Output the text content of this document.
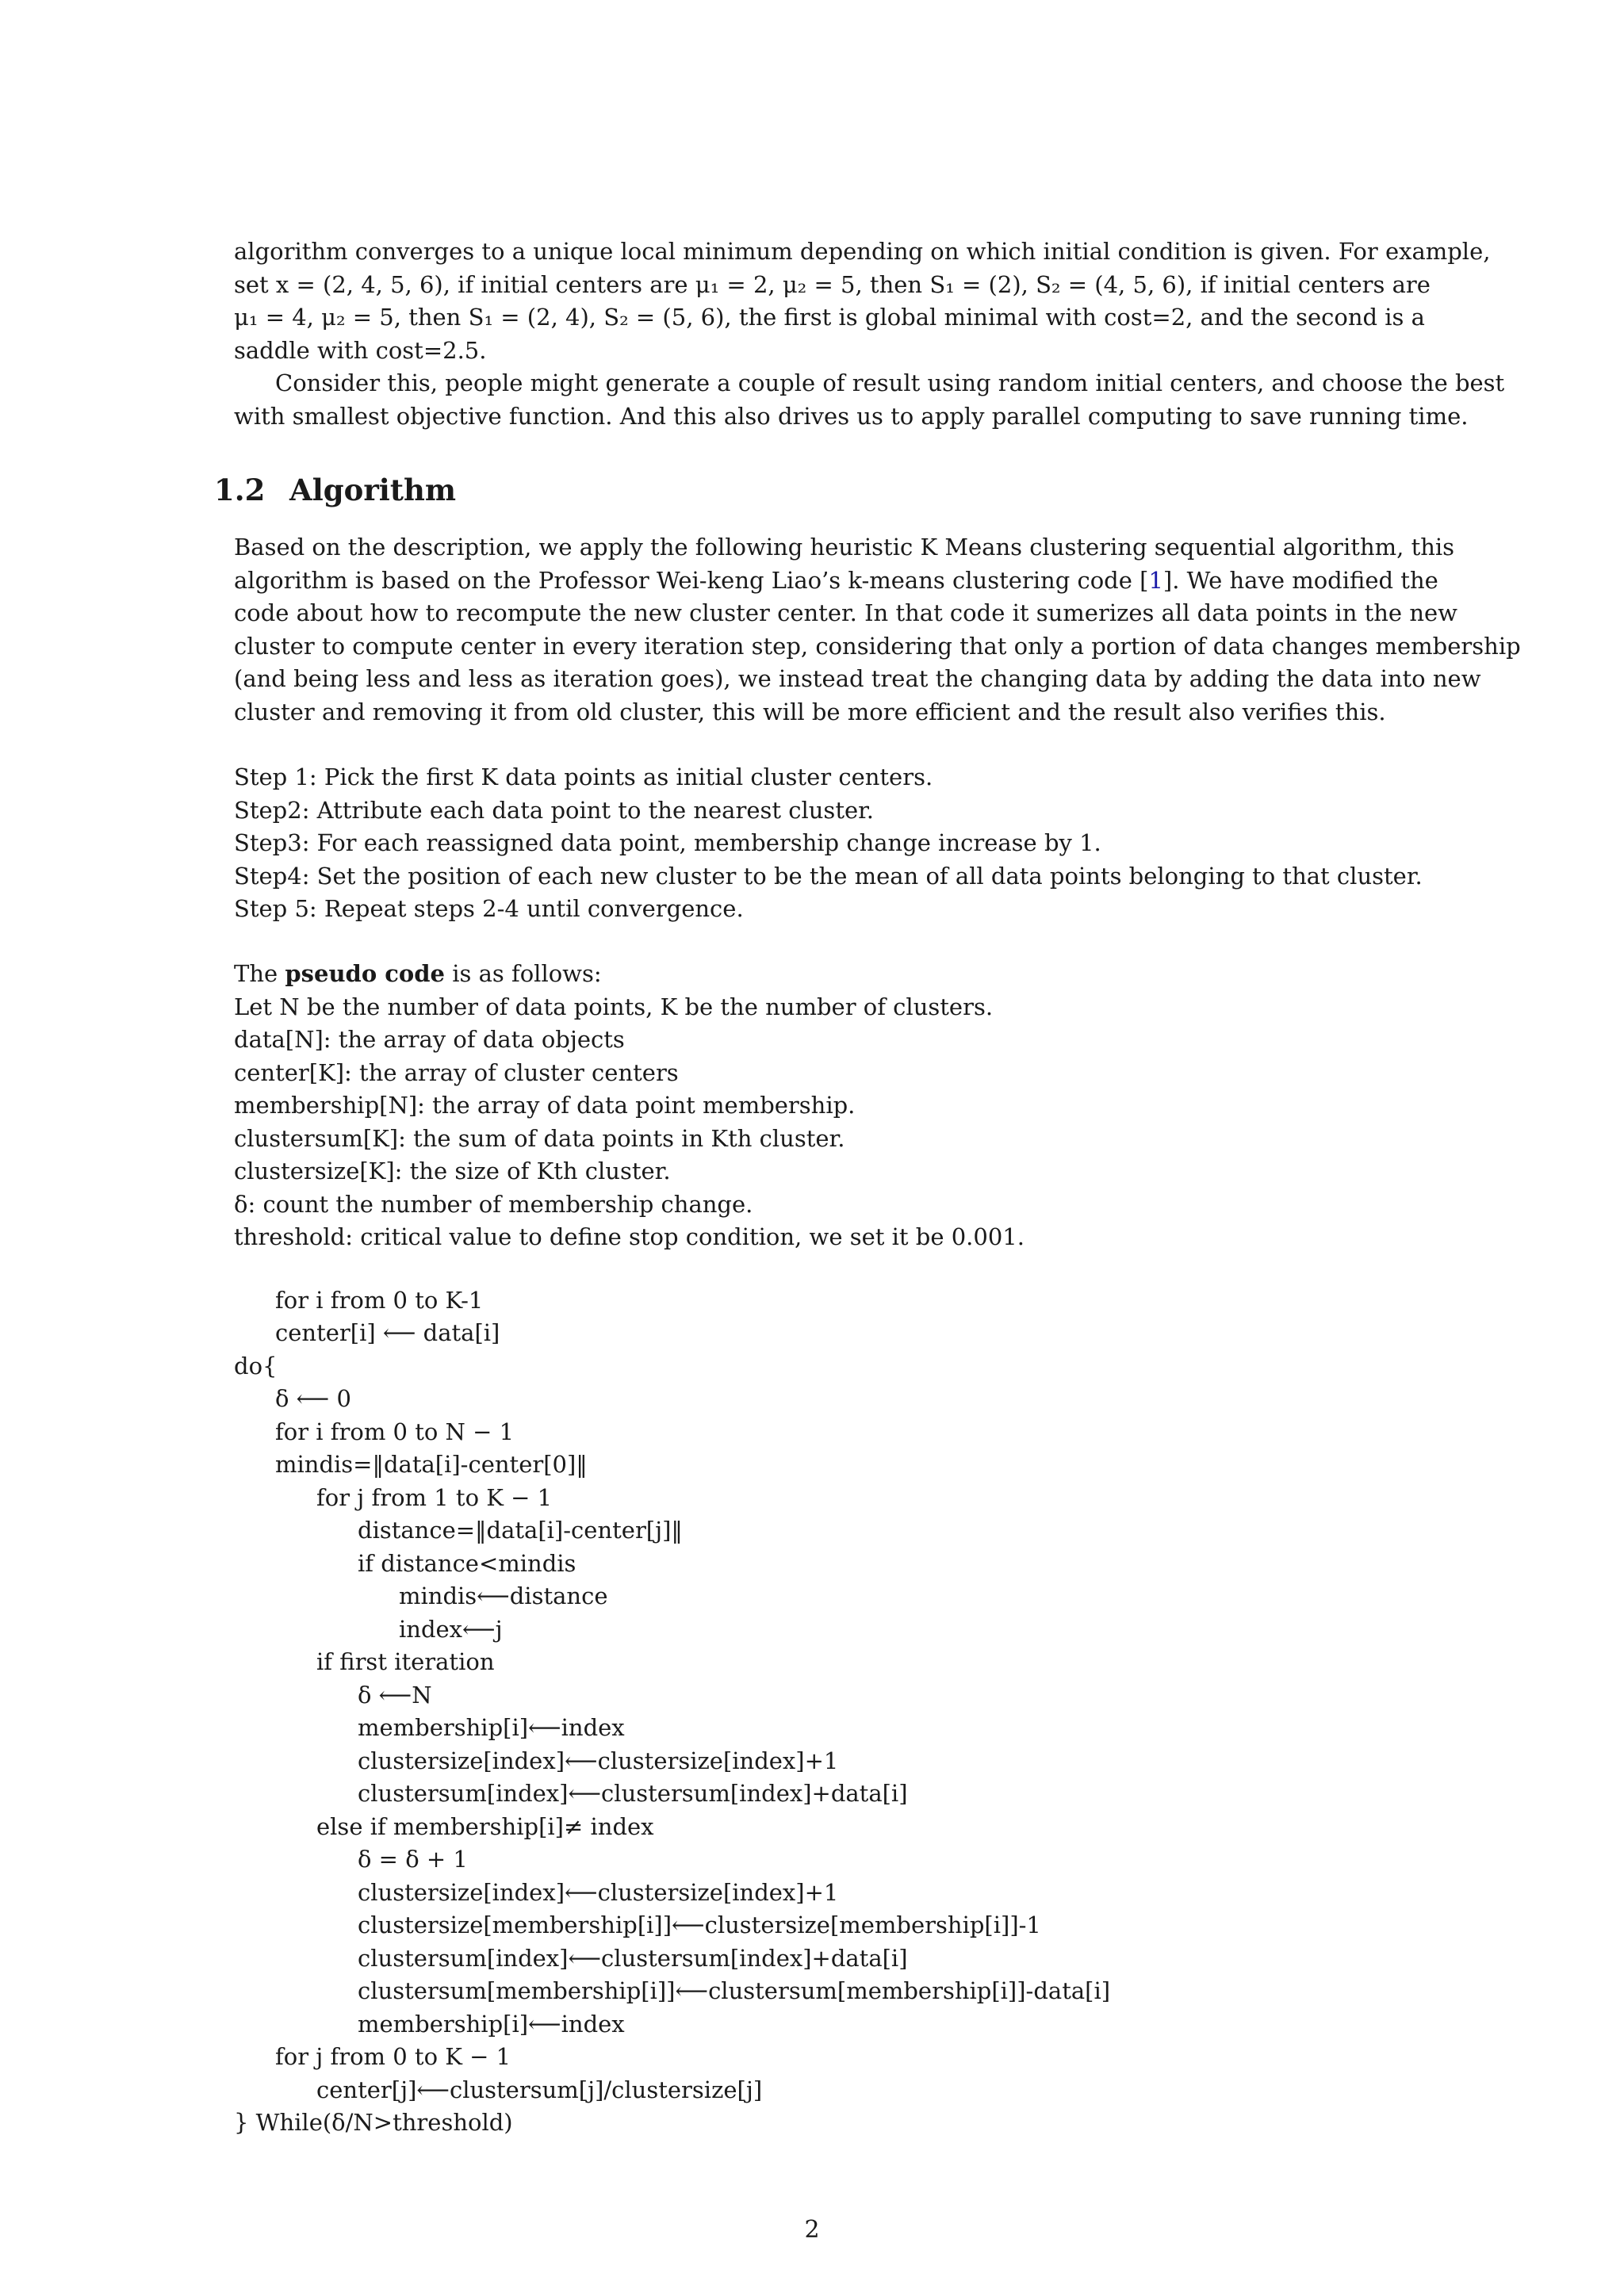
algorithm converges to a unique local minimum depending on which initial condition is given. For example,
set x = (2, 4, 5, 6), if initial centers are μ₁ = 2, μ₂ = 5, then S₁ = (2), S₂ = (4, 5, 6), if initial centers are
μ₁ = 4, μ₂ = 5, then S₁ = (2, 4), S₂ = (5, 6), the first is global minimal with cost=2, and the second is a
saddle with cost=2.5.
Consider this, people might generate a couple of result using random initial centers, and choose the best
with smallest objective function. And this also drives us to apply parallel computing to save running time.
1.2 Algorithm
Based on the description, we apply the following heuristic K Means clustering sequential algorithm, this
algorithm is based on the Professor Wei-keng Liao’s k-means clustering code [1]. We have modified the
code about how to recompute the new cluster center. In that code it sumerizes all data points in the new
cluster to compute center in every iteration step, considering that only a portion of data changes membership
(and being less and less as iteration goes), we instead treat the changing data by adding the data into new
cluster and removing it from old cluster, this will be more efficient and the result also verifies this.
Step 1: Pick the first K data points as initial cluster centers.
Step2: Attribute each data point to the nearest cluster.
Step3: For each reassigned data point, membership change increase by 1.
Step4: Set the position of each new cluster to be the mean of all data points belonging to that cluster.
Step 5: Repeat steps 2-4 until convergence.
The pseudo code is as follows:
Let N be the number of data points, K be the number of clusters.
data[N]: the array of data objects
center[K]: the array of cluster centers
membership[N]: the array of data point membership.
clustersum[K]: the sum of data points in Kth cluster.
clustersize[K]: the size of Kth cluster.
δ: count the number of membership change.
threshold: critical value to define stop condition, we set it be 0.001.
for i from 0 to K-1
center[i] ⟵ data[i]
do{
δ ⟵ 0
for i from 0 to N − 1
mindis=‖data[i]-center[0]‖
for j from 1 to K − 1
distance=‖data[i]-center[j]‖
if distance<mindis
mindis⟵distance
index⟵j
if first iteration
δ ⟵N
membership[i]⟵index
clustersize[index]⟵clustersize[index]+1
clustersum[index]⟵clustersum[index]+data[i]
else if membership[i]≠ index
δ = δ + 1
clustersize[index]⟵clustersize[index]+1
clustersize[membership[i]]⟵clustersize[membership[i]]-1
clustersum[index]⟵clustersum[index]+data[i]
clustersum[membership[i]]⟵clustersum[membership[i]]-data[i]
membership[i]⟵index
for j from 0 to K − 1
center[j]⟵clustersum[j]/clustersize[j]
} While(δ/N>threshold)
2
